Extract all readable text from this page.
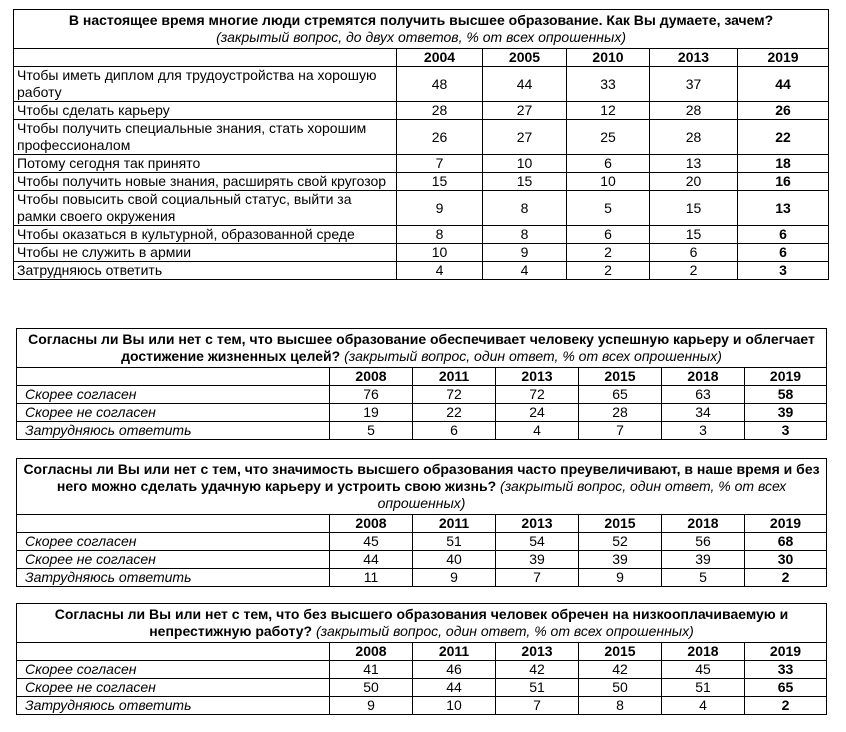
В настоящее время многие люди стремятся получить высшее образование. Как Вы думаете, зачем?
(закрытый вопрос, до двух ответов, % от всех опрошенных)					
	2004	2005	2010	2013	2019
Чтобы иметь диплом для трудоустройства на хорошую работу	48	44	33	37	44
Чтобы сделать карьеру	28	27	12	28	26
Чтобы получить специальные знания, стать хорошим профессионалом	26	27	25	28	22
Потому сегодня так принято	7	10	6	13	18
Чтобы получить новые знания, расширять свой кругозор	15	15	10	20	16
Чтобы повысить свой социальный статус, выйти за рамки своего окружения	9	8	5	15	13
Чтобы оказаться в культурной, образованной среде	8	8	6	15	6
Чтобы не служить в армии	10	9	2	6	6
Затрудняюсь ответить	4	4	2	2	3
Согласны ли Вы или нет с тем, что высшее образование обеспечивает человеку успешную карьеру и облегчает достижение жизненных целей? (закрытый вопрос, один ответ, % от всех опрошенных)						
	2008	2011	2013	2015	2018	2019
Скорее согласен	76	72	72	65	63	58
Скорее не согласен	19	22	24	28	34	39
Затрудняюсь ответить	5	6	4	7	3	3
Согласны ли Вы или нет с тем, что значимость высшего образования часто преувеличивают, в наше время и без него можно сделать удачную карьеру и устроить свою жизнь? (закрытый вопрос, один ответ, % от всех опрошенных)						
	2008	2011	2013	2015	2018	2019
Скорее согласен	45	51	54	52	56	68
Скорее не согласен	44	40	39	39	39	30
Затрудняюсь ответить	11	9	7	9	5	2
Согласны ли Вы или нет с тем, что без высшего образования человек обречен на низкооплачиваемую и непрестижную работу? (закрытый вопрос, один ответ, % от всех опрошенных)						
	2008	2011	2013	2015	2018	2019
Скорее согласен	41	46	42	42	45	33
Скорее не согласен	50	44	51	50	51	65
Затрудняюсь ответить	9	10	7	8	4	2
